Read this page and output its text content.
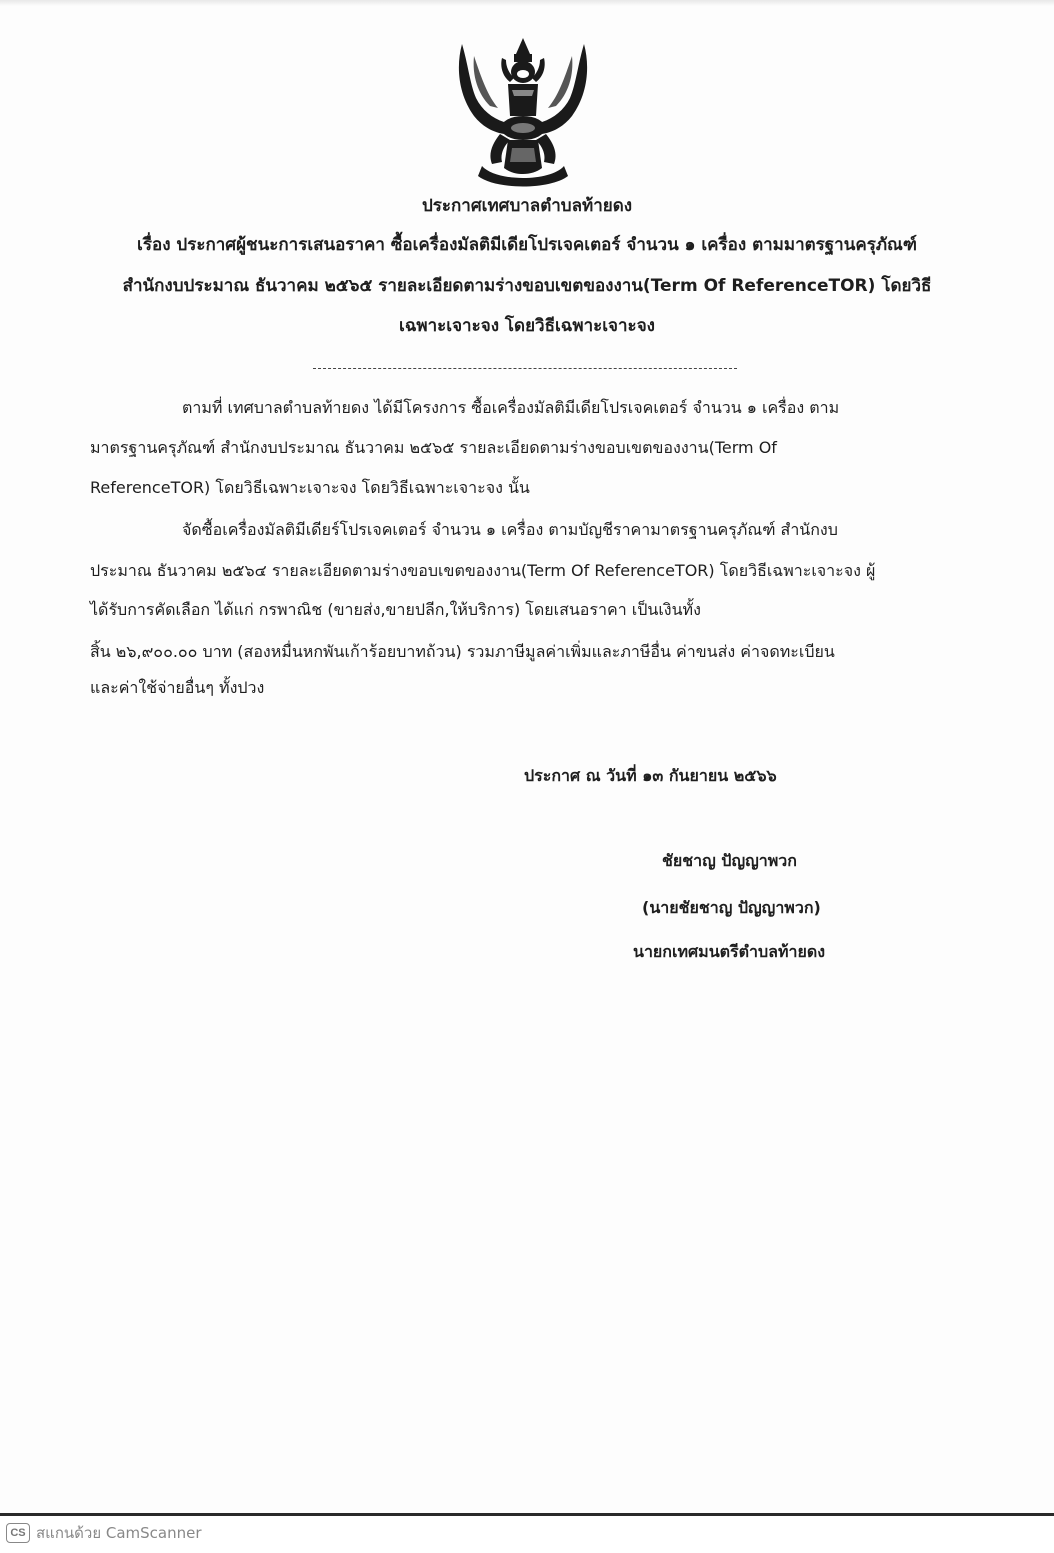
ประกาศเทศบาลตำบลท้ายดง
เรื่อง ประกาศผู้ชนะการเสนอราคา ซื้อเครื่องมัลติมีเดียโปรเจคเตอร์ จำนวน ๑ เครื่อง ตามมาตรฐานครุภัณฑ์
สำนักงบประมาณ ธันวาคม ๒๕๖๕ รายละเอียดตามร่างขอบเขตของงาน(Term Of ReferenceTOR) โดยวิธี
เฉพาะเจาะจง โดยวิธีเฉพาะเจาะจง
ตามที่ เทศบาลตำบลท้ายดง ได้มีโครงการ ซื้อเครื่องมัลติมีเดียโปรเจคเตอร์ จำนวน ๑ เครื่อง ตาม
มาตรฐานครุภัณฑ์ สำนักงบประมาณ ธันวาคม ๒๕๖๕ รายละเอียดตามร่างขอบเขตของงาน(Term Of
ReferenceTOR) โดยวิธีเฉพาะเจาะจง โดยวิธีเฉพาะเจาะจง นั้น
จัดซื้อเครื่องมัลติมีเดียร์โปรเจคเตอร์ จำนวน ๑ เครื่อง ตามบัญชีราคามาตรฐานครุภัณฑ์ สำนักงบ
ประมาณ ธันวาคม ๒๕๖๔ รายละเอียดตามร่างขอบเขตของงาน(Term Of ReferenceTOR) โดยวิธีเฉพาะเจาะจง ผู้
ได้รับการคัดเลือก ได้แก่ กรพาณิช (ขายส่ง,ขายปลีก,ให้บริการ) โดยเสนอราคา เป็นเงินทั้ง
สิ้น ๒๖,๙๐๐.๐๐ บาท (สองหมื่นหกพันเก้าร้อยบาทถ้วน) รวมภาษีมูลค่าเพิ่มและภาษีอื่น ค่าขนส่ง ค่าจดทะเบียน
และค่าใช้จ่ายอื่นๆ ทั้งปวง
ประกาศ ณ วันที่ ๑๓ กันยายน ๒๕๖๖
ชัยชาญ ปัญญาพวก
(นายชัยชาญ ปัญญาพวก)
นายกเทศมนตรีตำบลท้ายดง
CS สแกนด้วย CamScanner
